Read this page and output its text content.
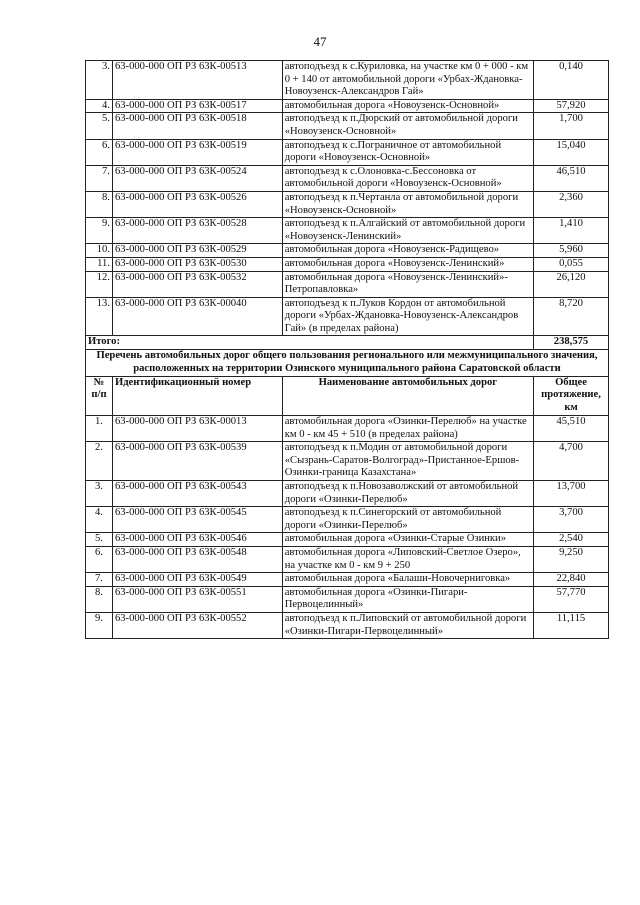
47
3.	63-000-000 ОП РЗ 63К-00513	автоподъезд к с.Куриловка, на участке км 0 + 000 - км 0 + 140 от автомобильной дороги «Урбах-Ждановка-Новоузенск-Александров Гай»	0,140
4.	63-000-000 ОП РЗ 63К-00517	автомобильная дорога «Новоузенск-Основной»	57,920
5.	63-000-000 ОП РЗ 63К-00518	автоподъезд к п.Дюрский от автомобильной дороги «Новоузенск-Основной»	1,700
6.	63-000-000 ОП РЗ 63К-00519	автоподъезд к с.Пограничное от автомобильной дороги «Новоузенск-Основной»	15,040
7.	63-000-000 ОП РЗ 63К-00524	автоподъезд к с.Олоновка-с.Бессоновка от автомобильной дороги «Новоузенск-Основной»	46,510
8.	63-000-000 ОП РЗ 63К-00526	автоподъезд к п.Чертанла от автомобильной дороги «Новоузенск-Основной»	2,360
9.	63-000-000 ОП РЗ 63К-00528	автоподъезд к п.Алгайский от автомобильной дороги «Новоузенск-Ленинский»	1,410
10.	63-000-000 ОП РЗ 63К-00529	автомобильная дорога «Новоузенск-Радищево»	5,960
11.	63-000-000 ОП РЗ 63К-00530	автомобильная дорога «Новоузенск-Ленинский»	0,055
12.	63-000-000 ОП РЗ 63К-00532	автомобильная дорога «Новоузенск-Ленинский»-Петропавловка»	26,120
13.	63-000-000 ОП РЗ 63К-00040	автоподъезд к п.Луков Кордон от автомобильной дороги «Урбах-Ждановка-Новоузенск-Александров Гай» (в пределах района)	8,720
Итого:			238,575
Перечень автомобильных дорог общего пользования регионального или межмуниципального значения, расположенных на территории Озинского муниципального района Саратовской области			
№ п/п	Идентификационный номер	Наименование автомобильных дорог	Общее протяжение, км
1.	63-000-000 ОП РЗ 63К-00013	автомобильная дорога «Озинки-Перелюб» на участке км 0 - км 45 + 510 (в пределах района)	45,510
2.	63-000-000 ОП РЗ 63К-00539	автоподъезд к п.Модин от автомобильной дороги «Сызрань-Саратов-Волгоград»-Пристанное-Ершов-Озинки-граница Казахстана»	4,700
3.	63-000-000 ОП РЗ 63К-00543	автоподъезд к п.Новозаволжский от автомобильной дороги «Озинки-Перелюб»	13,700
4.	63-000-000 ОП РЗ 63К-00545	автоподъезд к п.Синегорский от автомобильной дороги «Озинки-Перелюб»	3,700
5.	63-000-000 ОП РЗ 63К-00546	автомобильная дорога «Озинки-Старые Озинки»	2,540
6.	63-000-000 ОП РЗ 63К-00548	автомобильная дорога «Липовский-Светлое Озеро», на участке км 0 - км 9 + 250	9,250
7.	63-000-000 ОП РЗ 63К-00549	автомобильная дорога «Балаши-Новочерниговка»	22,840
8.	63-000-000 ОП РЗ 63К-00551	автомобильная дорога «Озинки-Пигари-Первоцелинный»	57,770
9.	63-000-000 ОП РЗ 63К-00552	автоподъезд к п.Липовский от автомобильной дороги «Озинки-Пигари-Первоцелинный»	11,115
